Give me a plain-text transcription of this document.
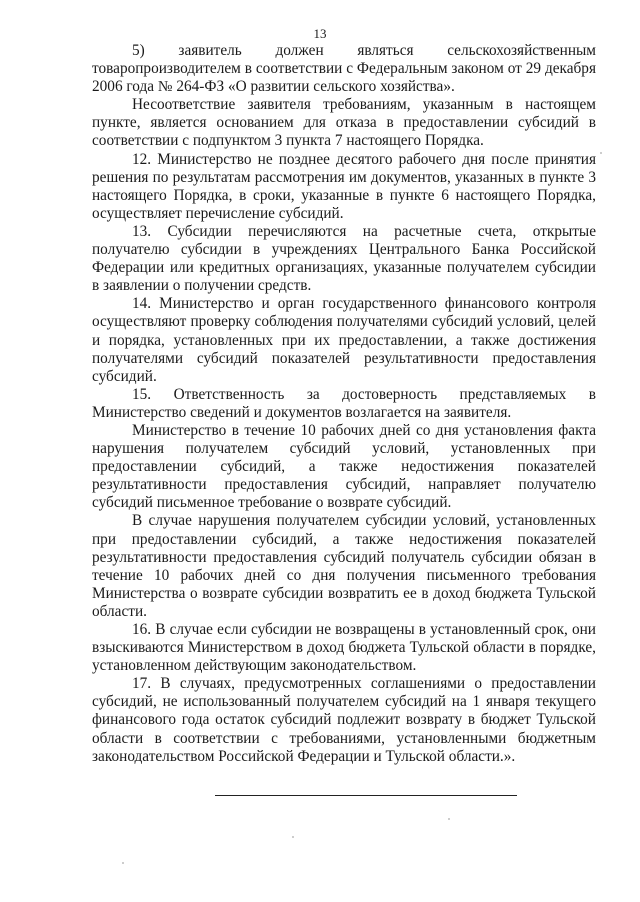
13

5) заявитель должен являться сельскохозяйственным товаропроизводителем в соответствии с Федеральным законом от 29 декабря 2006 года № 264-ФЗ «О развитии сельского хозяйства».

Несоответствие заявителя требованиям, указанным в настоящем пункте, является основанием для отказа в предоставлении субсидий в соответствии с подпунктом 3 пункта 7 настоящего Порядка.

12. Министерство не позднее десятого рабочего дня после принятия решения по результатам рассмотрения им документов, указанных в пункте 3 настоящего Порядка, в сроки, указанные в пункте 6 настоящего Порядка, осуществляет перечисление субсидий.

13. Субсидии перечисляются на расчетные счета, открытые получателю субсидии в учреждениях Центрального Банка Российской Федерации или кредитных организациях, указанные получателем субсидии в заявлении о получении средств.

14. Министерство и орган государственного финансового контроля осуществляют проверку соблюдения получателями субсидий условий, целей и порядка, установленных при их предоставлении, а также достижения получателями субсидий показателей результативности предоставления субсидий.

15. Ответственность за достоверность представляемых в Министерство сведений и документов возлагается на заявителя.

Министерство в течение 10 рабочих дней со дня установления факта нарушения получателем субсидий условий, установленных при предоставлении субсидий, а также недостижения показателей результативности предоставления субсидий, направляет получателю субсидий письменное требование о возврате субсидий.

В случае нарушения получателем субсидии условий, установленных при предоставлении субсидий, а также недостижения показателей результативности предоставления субсидий получатель субсидии обязан в течение 10 рабочих дней со дня получения письменного требования Министерства о возврате субсидии возвратить ее в доход бюджета Тульской области.

16. В случае если субсидии не возвращены в установленный срок, они взыскиваются Министерством в доход бюджета Тульской области в порядке, установленном действующим законодательством.

17. В случаях, предусмотренных соглашениями о предоставлении субсидий, не использованный получателем субсидий на 1 января текущего финансового года остаток субсидий подлежит возврату в бюджет Тульской области в соответствии с требованиями, установленными бюджетным законодательством Российской Федерации и Тульской области.».
